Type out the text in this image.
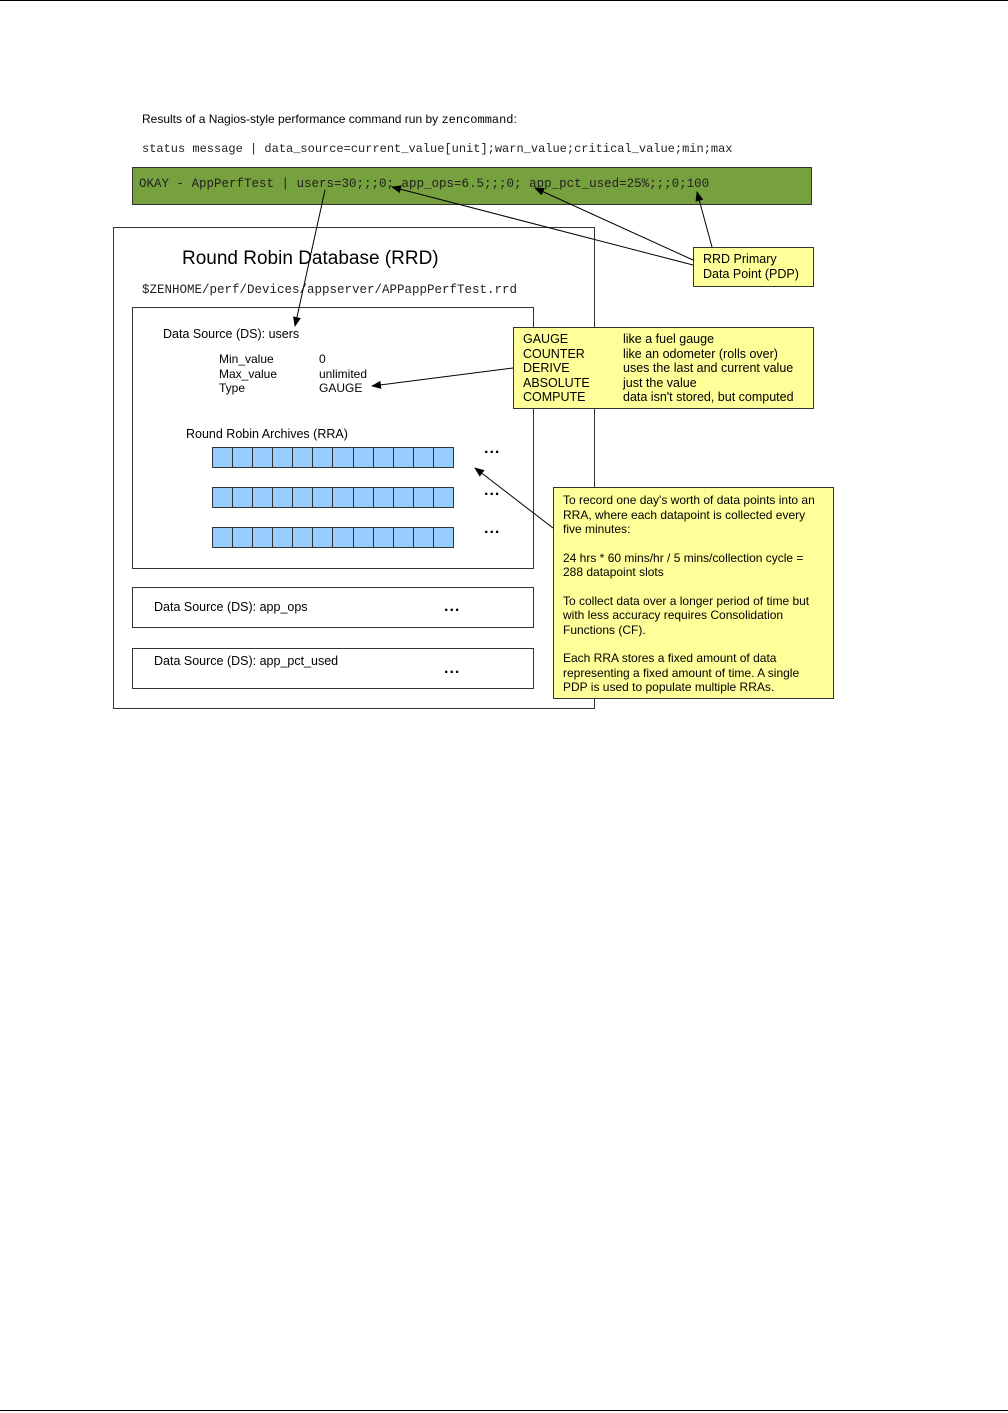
Results of a Nagios-style performance command run by zencommand:
status message | data_source=current_value[unit];warn_value;critical_value;min;max
OKAY - AppPerfTest | users=30;;;0; app_ops=6.5;;;0; app_pct_used=25%;;;0;100
Round Robin Database (RRD)
$ZENHOME/perf/Devices/appserver/APPappPerfTest.rrd
Data Source (DS): users
Min_value	0
Max_value	unlimited
Type	GAUGE
Round Robin Archives (RRA)
...
...
...
Data Source (DS): app_ops	...
Data Source (DS): app_pct_used	...
RRD Primary
Data Point (PDP)
GAUGE	like a fuel gauge
COUNTER	like an odometer (rolls over)
DERIVE	uses the last and current value
ABSOLUTE	just the value
COMPUTE	data isn't stored, but computed

To record one day's worth of data points into an RRA, where each datapoint is collected every five minutes:

24 hrs * 60 mins/hr / 5 mins/collection cycle = 288 datapoint slots

To collect data over a longer period of time but with less accuracy requires Consolidation Functions (CF).

Each RRA stores a fixed amount of data representing a fixed amount of time. A single PDP is used to populate multiple RRAs.
